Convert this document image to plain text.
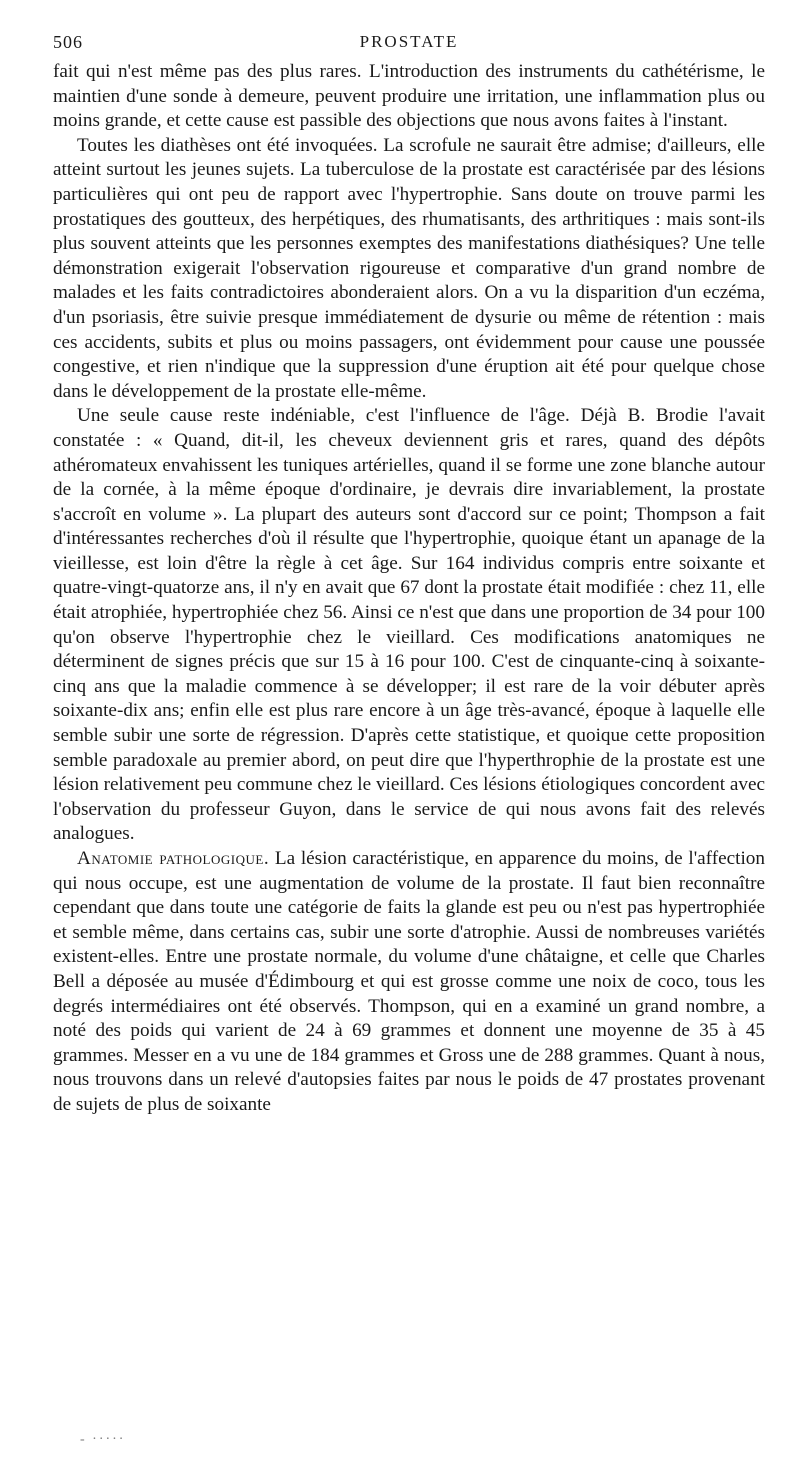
506	PROSTATE

fait qui n'est même pas des plus rares. L'introduction des instruments du cathétérisme, le maintien d'une sonde à demeure, peuvent produire une irritation, une inflammation plus ou moins grande, et cette cause est passible des objections que nous avons faites à l'instant.

Toutes les diathèses ont été invoquées. La scrofule ne saurait être admise; d'ailleurs, elle atteint surtout les jeunes sujets. La tuberculose de la prostate est caractérisée par des lésions particulières qui ont peu de rapport avec l'hypertrophie. Sans doute on trouve parmi les prostatiques des goutteux, des herpétiques, des rhumatisants, des arthritiques : mais sont-ils plus souvent atteints que les personnes exemptes des manifestations diathésiques? Une telle démonstration exigerait l'observation rigoureuse et comparative d'un grand nombre de malades et les faits contradictoires abonderaient alors. On a vu la disparition d'un eczéma, d'un psoriasis, être suivie presque immédiatement de dysurie ou même de rétention : mais ces accidents, subits et plus ou moins passagers, ont évidemment pour cause une poussée congestive, et rien n'indique que la suppression d'une éruption ait été pour quelque chose dans le développement de la prostate elle-même.

Une seule cause reste indéniable, c'est l'influence de l'âge. Déjà B. Brodie l'avait constatée : « Quand, dit-il, les cheveux deviennent gris et rares, quand des dépôts athéromateux envahissent les tuniques artérielles, quand il se forme une zone blanche autour de la cornée, à la même époque d'ordinaire, je devrais dire invariablement, la prostate s'accroît en volume ». La plupart des auteurs sont d'accord sur ce point; Thompson a fait d'intéressantes recherches d'où il résulte que l'hypertrophie, quoique étant un apanage de la vieillesse, est loin d'être la règle à cet âge. Sur 164 individus compris entre soixante et quatre-vingt-quatorze ans, il n'y en avait que 67 dont la prostate était modifiée : chez 11, elle était atrophiée, hypertrophiée chez 56. Ainsi ce n'est que dans une proportion de 34 pour 100 qu'on observe l'hypertrophie chez le vieillard. Ces modifications anatomiques ne déterminent de signes précis que sur 15 à 16 pour 100. C'est de cinquante-cinq à soixante-cinq ans que la maladie commence à se développer; il est rare de la voir débuter après soixante-dix ans; enfin elle est plus rare encore à un âge très-avancé, époque à laquelle elle semble subir une sorte de régression. D'après cette statistique, et quoique cette proposition semble paradoxale au premier abord, on peut dire que l'hyperthrophie de la prostate est une lésion relativement peu commune chez le vieillard. Ces lésions étiologiques concordent avec l'observation du professeur Guyon, dans le service de qui nous avons fait des relevés analogues.

Anatomie pathologique. La lésion caractéristique, en apparence du moins, de l'affection qui nous occupe, est une augmentation de volume de la prostate. Il faut bien reconnaître cependant que dans toute une catégorie de faits la glande est peu ou n'est pas hypertrophiée et semble même, dans certains cas, subir une sorte d'atrophie. Aussi de nombreuses variétés existent-elles. Entre une prostate normale, du volume d'une châtaigne, et celle que Charles Bell a déposée au musée d'Édimbourg et qui est grosse comme une noix de coco, tous les degrés intermédiaires ont été observés. Thompson, qui en a examiné un grand nombre, a noté des poids qui varient de 24 à 69 grammes et donnent une moyenne de 35 à 45 grammes. Messer en a vu une de 184 grammes et Gross une de 288 grammes. Quant à nous, nous trouvons dans un relevé d'autopsies faites par nous le poids de 47 prostates provenant de sujets de plus de soixante

- ·····
